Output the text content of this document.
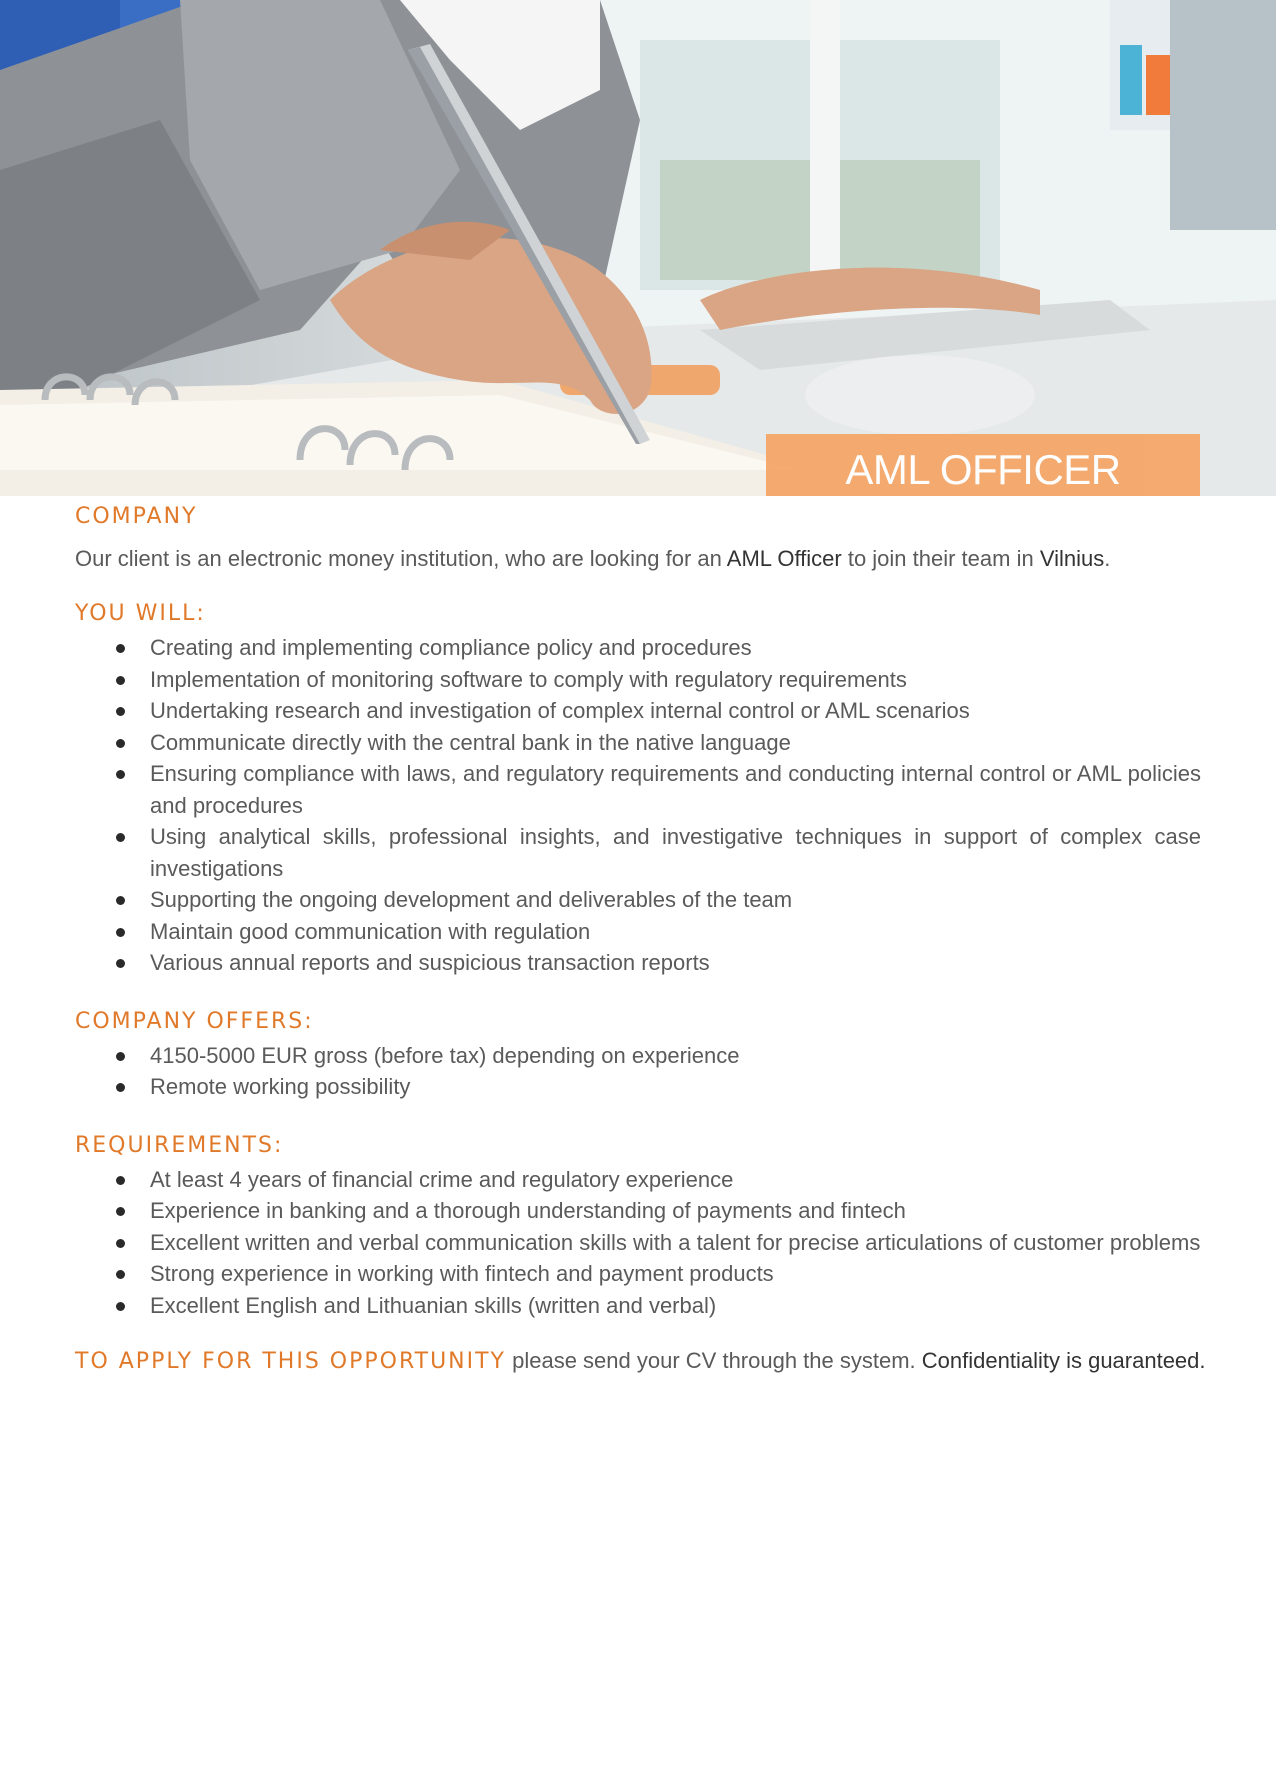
AML OFFICER
COMPANY

Our client is an electronic money institution, who are looking for an AML Officer to join their team in Vilnius.

YOU WILL:
Creating and implementing compliance policy and procedures
Implementation of monitoring software to comply with regulatory requirements
Undertaking research and investigation of complex internal control or AML scenarios
Communicate directly with the central bank in the native language
Ensuring compliance with laws, and regulatory requirements and conducting internal control or AML policies and procedures
Using analytical skills, professional insights, and investigative techniques in support of complex case investigations
Supporting the ongoing development and deliverables of the team
Maintain good communication with regulation
Various annual reports and suspicious transaction reports
COMPANY OFFERS:
4150-5000 EUR gross (before tax) depending on experience
Remote working possibility
REQUIREMENTS:
At least 4 years of financial crime and regulatory experience
Experience in banking and a thorough understanding of payments and fintech
Excellent written and verbal communication skills with a talent for precise articulations of customer problems
Strong experience in working with fintech and payment products
Excellent English and Lithuanian skills (written and verbal)

TO APPLY FOR THIS OPPORTUNITY please send your CV through the system. Confidentiality is guaranteed.
